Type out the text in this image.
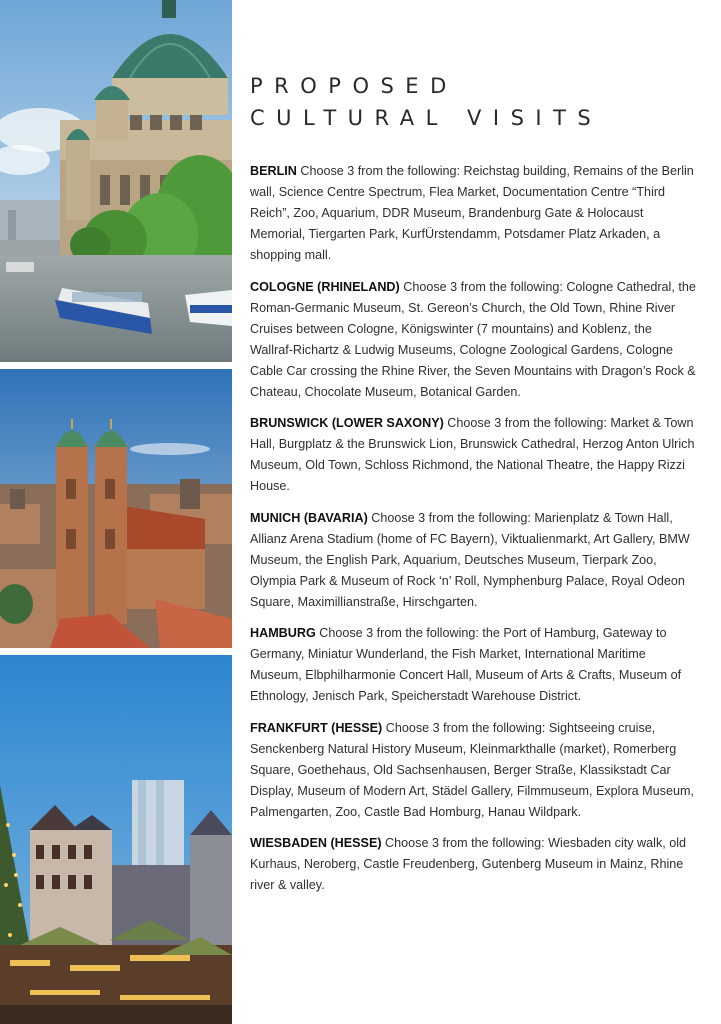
PROPOSED
CULTURAL VISITS

BERLIN Choose 3 from the following: Reichstag building, Remains of the Berlin wall, Science Centre Spectrum, Flea Market, Documentation Centre “Third Reich”, Zoo, Aquarium, DDR Museum, Brandenburg Gate & Holocaust Memorial, Tiergarten Park, KurfÜrstendamm, Potsdamer Platz Arkaden, a shopping mall.

COLOGNE (RHINELAND) Choose 3 from the following: Cologne Cathedral, the Roman-Germanic Museum, St. Gereon’s Church, the Old Town, Rhine River Cruises between Cologne, Königswinter (7 mountains) and Koblenz, the Wallraf-Richartz & Ludwig Museums, Cologne Zoological Gardens, Cologne Cable Car crossing the Rhine River, the Seven Mountains with Dragon’s Rock & Chateau, Chocolate Museum, Botanical Garden.

BRUNSWICK (LOWER SAXONY) Choose 3 from the following: Market & Town Hall, Burgplatz & the Brunswick Lion, Brunswick Cathedral, Herzog Anton Ulrich Museum, Old Town, Schloss Richmond, the National Theatre, the Happy Rizzi House.

MUNICH (BAVARIA) Choose 3 from the following: Marienplatz & Town Hall, Allianz Arena Stadium (home of FC Bayern), Viktualienmarkt, Art Gallery, BMW Museum, the English Park, Aquarium, Deutsches Museum, Tierpark Zoo, Olympia Park & Museum of Rock ‘n’ Roll, Nymphenburg Palace, Royal Odeon Square, Maximillianstraße, Hirschgarten.

HAMBURG Choose 3 from the following: the Port of Hamburg, Gateway to Germany, Miniatur Wunderland, the Fish Market, International Maritime Museum, Elbphilharmonie Concert Hall, Museum of Arts & Crafts, Museum of Ethnology, Jenisch Park, Speicherstadt Warehouse District.

FRANKFURT (HESSE) Choose 3 from the following: Sightseeing cruise, Senckenberg Natural History Museum, Kleinmarkthalle (market), Romerberg Square, Goethehaus, Old Sachsenhausen, Berger Straße, Klassikstadt Car Display, Museum of Modern Art, Städel Gallery, Filmmuseum, Explora Museum, Palmengarten, Zoo, Castle Bad Homburg, Hanau Wildpark.

WIESBADEN (HESSE) Choose 3 from the following: Wiesbaden city walk, old Kurhaus, Neroberg, Castle Freudenberg, Gutenberg Museum in Mainz, Rhine river & valley.
